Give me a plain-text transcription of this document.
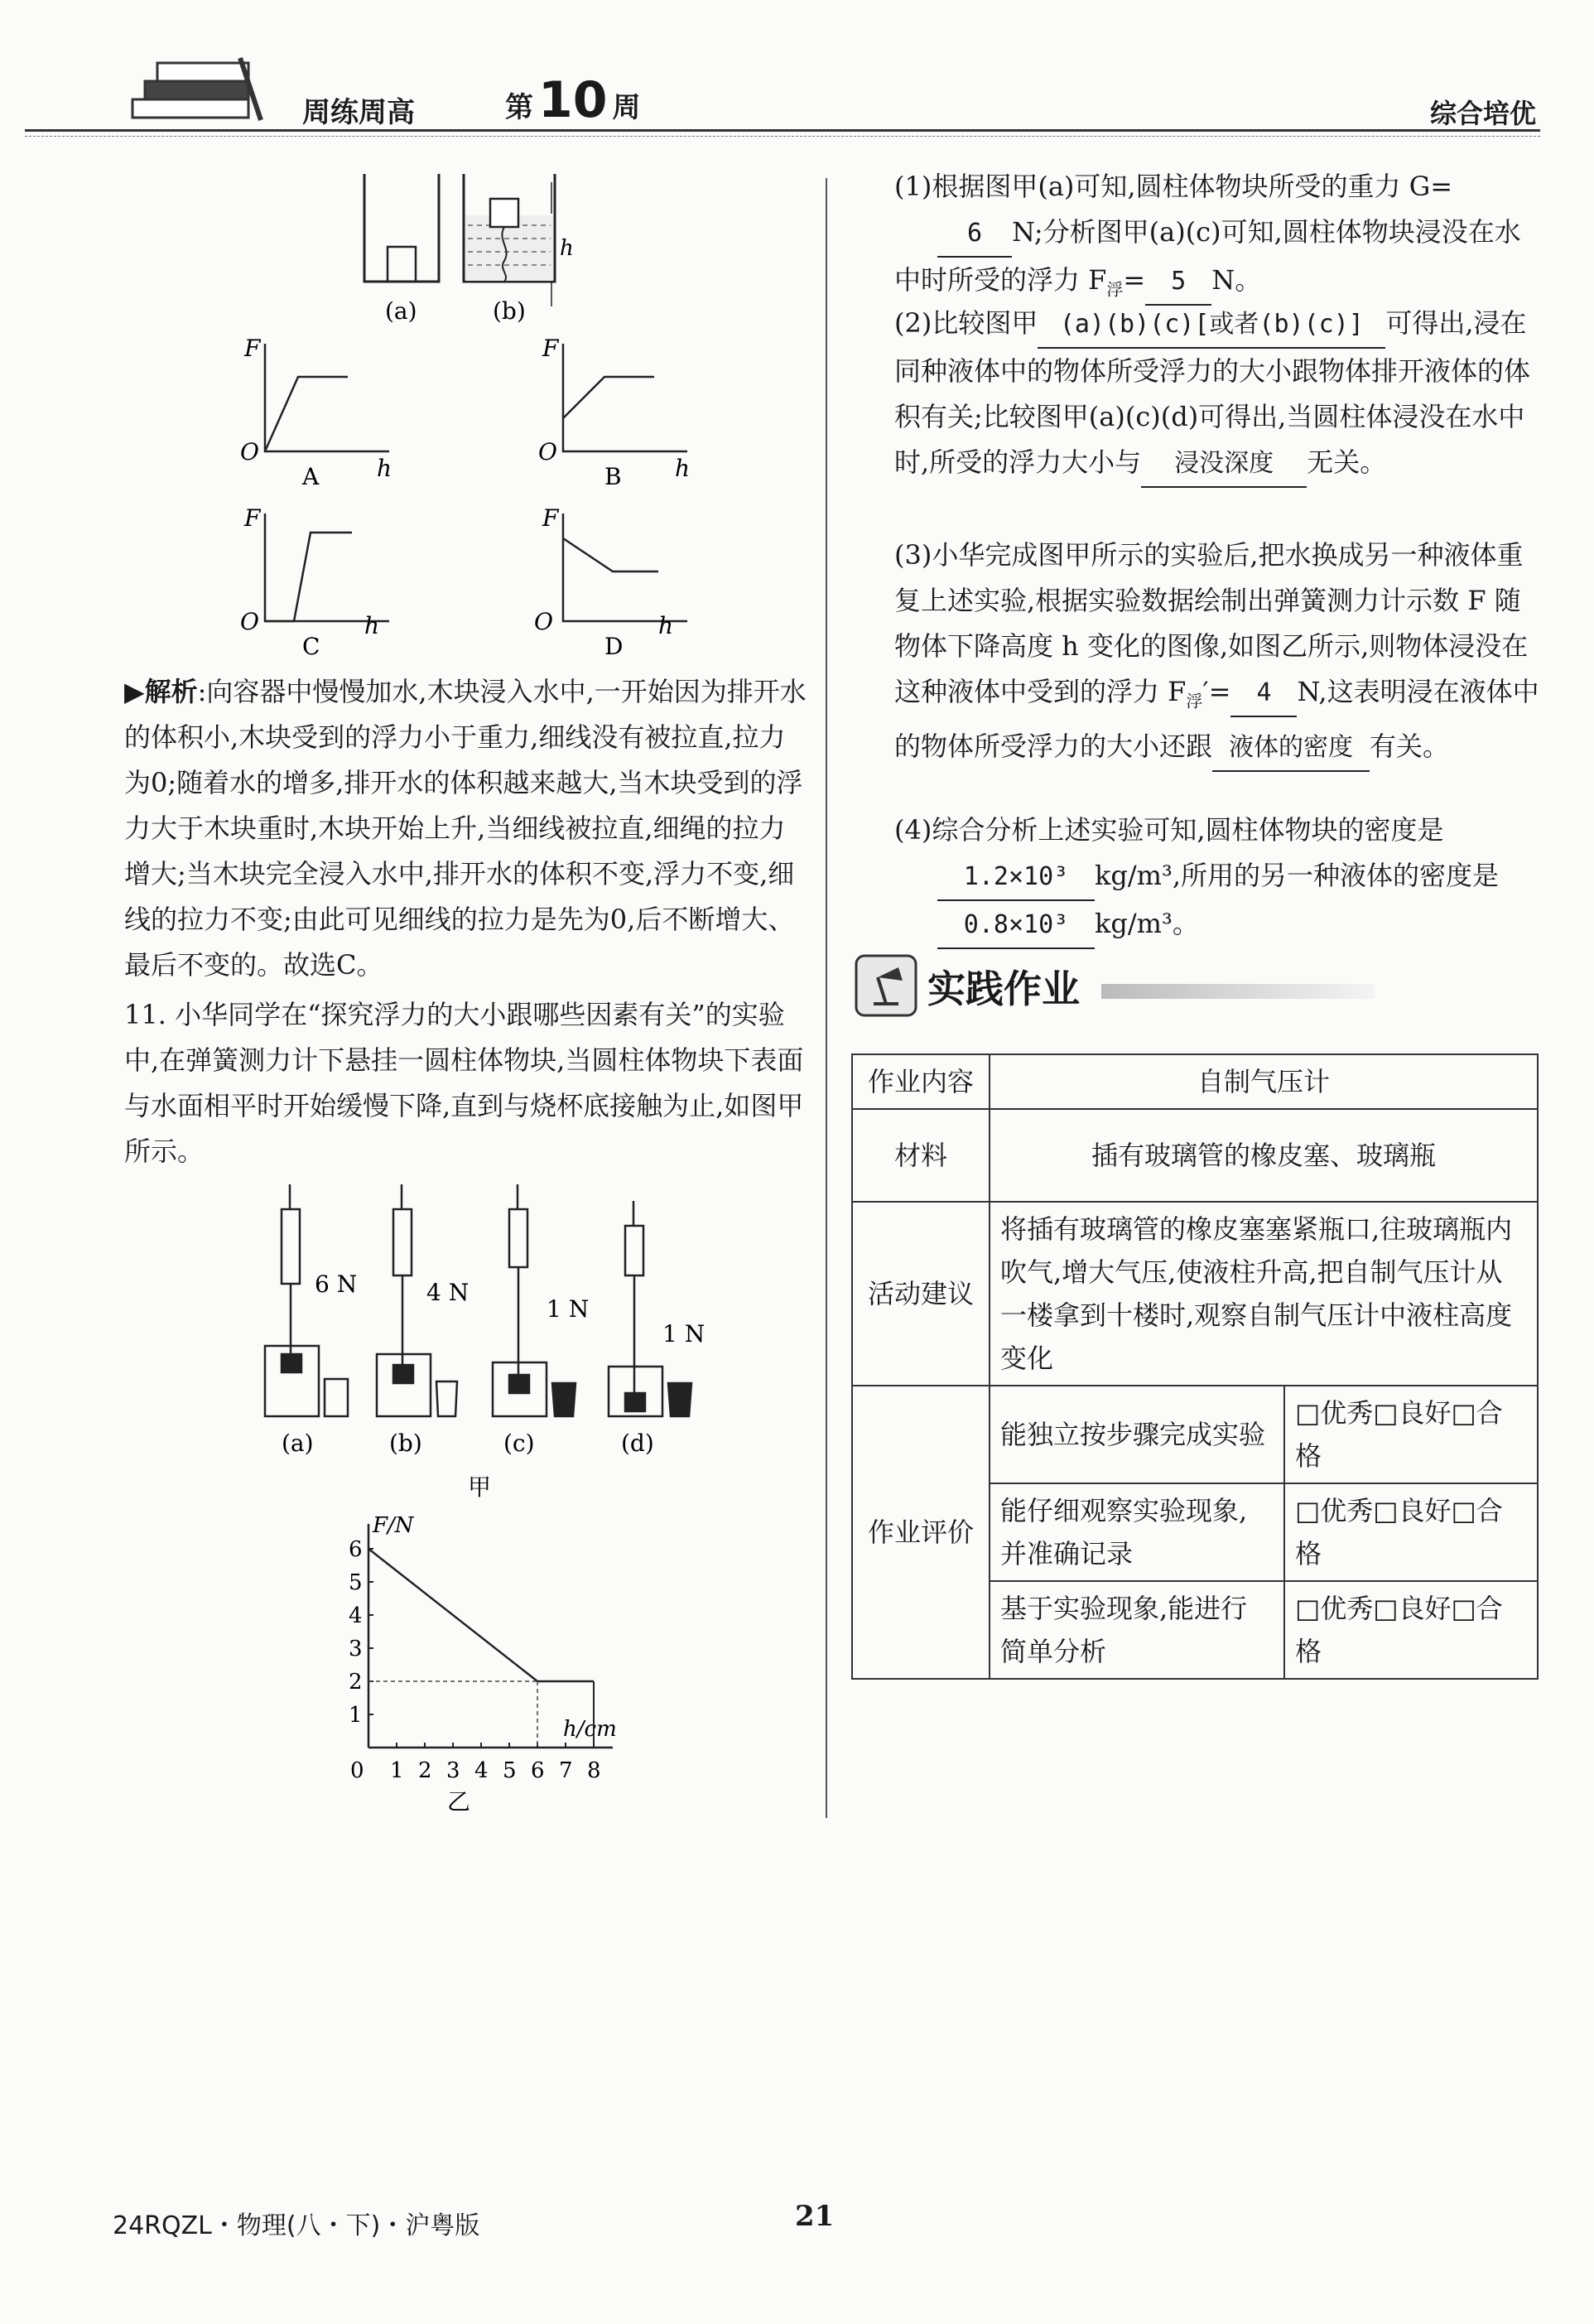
周练周高	第 10 周	综合培优
h
(a)	(b)
F
O
h
A
F
O
h
B
F
O	h
C
F
O	h
D
▶解析:向容器中慢慢加水,木块浸入水中,一开始因为排开水的体积小,木块受到的浮力小于重力,细线没有被拉直,拉力为0;随着水的增多,排开水的体积越来越大,当木块受到的浮力大于木块重时,木块开始上升,当细线被拉直,细绳的拉力增大;当木块完全浸入水中,排开水的体积不变,浮力不变,细线的拉力不变;由此可见细线的拉力是先为0,后不断增大、最后不变的。故选C。
11. 小华同学在“探究浮力的大小跟哪些因素有关”的实验中,在弹簧测力计下悬挂一圆柱体物块,当圆柱体物块下表面与水面相平时开始缓慢下降,直到与烧杯底接触为止,如图甲所示。
6 N	4 N
1 N
1 N
(a)	(b)	(c)	(d)
甲
F/N
h/cm
乙
0 1 2 3 4 5 6 7 8
1
2
3
4
5
6
(1)根据图甲(a)可知,圆柱体物块所受的重力 G=
6 N;分析图甲(a)(c)可知,圆柱体物块浸没在水中时所受的浮力 $F_浮= 5$ N。
(2)比较图甲 (a)(b)(c)[或者(b)(c)] 可得出,浸在同种液体中的物体所受浮力的大小跟物体排开液体的体积有关;比较图甲(a)(c)(d)可得出,当圆柱体浸没在水中时,所受的浮力大小与 浸没深度 无关。
(3)小华完成图甲所示的实验后,把水换成另一种液体重复上述实验,根据实验数据绘制出弹簧测力计示数 F 随物体下降高度 h 变化的图像,如图乙所示,则物体浸没在这种液体中受到的浮力 $F_浮'= 4$ N,这表明浸在液体中的物体所受浮力的大小还跟 液体的密度 有关。
(4)综合分析上述实验可知,圆柱体物块的密度是
1.2×10³ kg/m³,所用的另一种液体的密度是
0.8×10³ kg/m³。
实践作业
作业内容	自制气压计	
材料	插有玻璃管的橡皮塞、玻璃瓶	
活动建议	将插有玻璃管的橡皮塞塞紧瓶口,往玻璃瓶内吹气,增大气压,使液柱升高,把自制气压计从一楼拿到十楼时,观察自制气压计中液柱高度变化	
作业评价	能独立按步骤完成实验	□优秀□良好□合格
	能仔细观察实验现象,并准确记录	□优秀□良好□合格
	基于实验现象,能进行简单分析	□优秀□良好□合格
24RQZL・物理(八・下)・沪粤版	21
